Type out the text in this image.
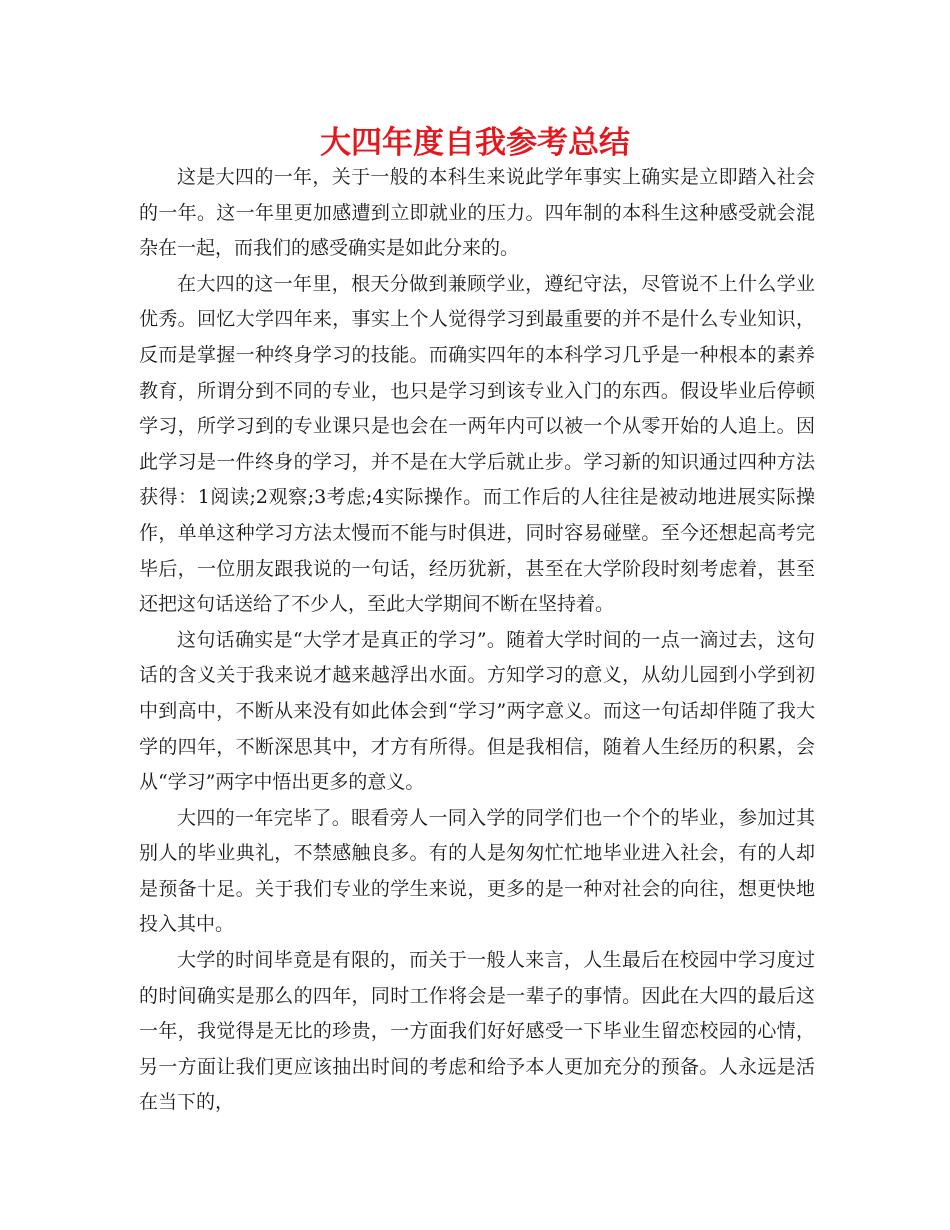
大四年度自我参考总结

这是大四的一年，关于一般的本科生来说此学年事实上确实是立即踏入社会的一年。这一年里更加感遭到立即就业的压力。四年制的本科生这种感受就会混杂在一起，而我们的感受确实是如此分来的。

在大四的这一年里，根天分做到兼顾学业，遵纪守法，尽管说不上什么学业优秀。回忆大学四年来，事实上个人觉得学习到最重要的并不是什么专业知识，反而是掌握一种终身学习的技能。而确实四年的本科学习几乎是一种根本的素养教育，所谓分到不同的专业，也只是学习到该专业入门的东西。假设毕业后停顿学习，所学习到的专业课只是也会在一两年内可以被一个从零开始的人追上。因此学习是一件终身的学习，并不是在大学后就止步。学习新的知识通过四种方法获得：1阅读;2观察;3考虑;4实际操作。而工作后的人往往是被动地进展实际操作，单单这种学习方法太慢而不能与时俱进，同时容易碰壁。至今还想起高考完毕后，一位朋友跟我说的一句话，经历犹新，甚至在大学阶段时刻考虑着，甚至还把这句话送给了不少人，至此大学期间不断在坚持着。

这句话确实是“大学才是真正的学习”。随着大学时间的一点一滴过去，这句话的含义关于我来说才越来越浮出水面。方知学习的意义，从幼儿园到小学到初中到高中，不断从来没有如此体会到“学习”两字意义。而这一句话却伴随了我大学的四年，不断深思其中，才方有所得。但是我相信，随着人生经历的积累，会从“学习”两字中悟出更多的意义。

大四的一年完毕了。眼看旁人一同入学的同学们也一个个的毕业，参加过其别人的毕业典礼，不禁感触良多。有的人是匆匆忙忙地毕业进入社会，有的人却是预备十足。关于我们专业的学生来说，更多的是一种对社会的向往，想更快地投入其中。

大学的时间毕竟是有限的，而关于一般人来言，人生最后在校园中学习度过的时间确实是那么的四年，同时工作将会是一辈子的事情。因此在大四的最后这一年，我觉得是无比的珍贵，一方面我们好好感受一下毕业生留恋校园的心情，另一方面让我们更应该抽出时间的考虑和给予本人更加充分的预备。人永远是活在当下的，
